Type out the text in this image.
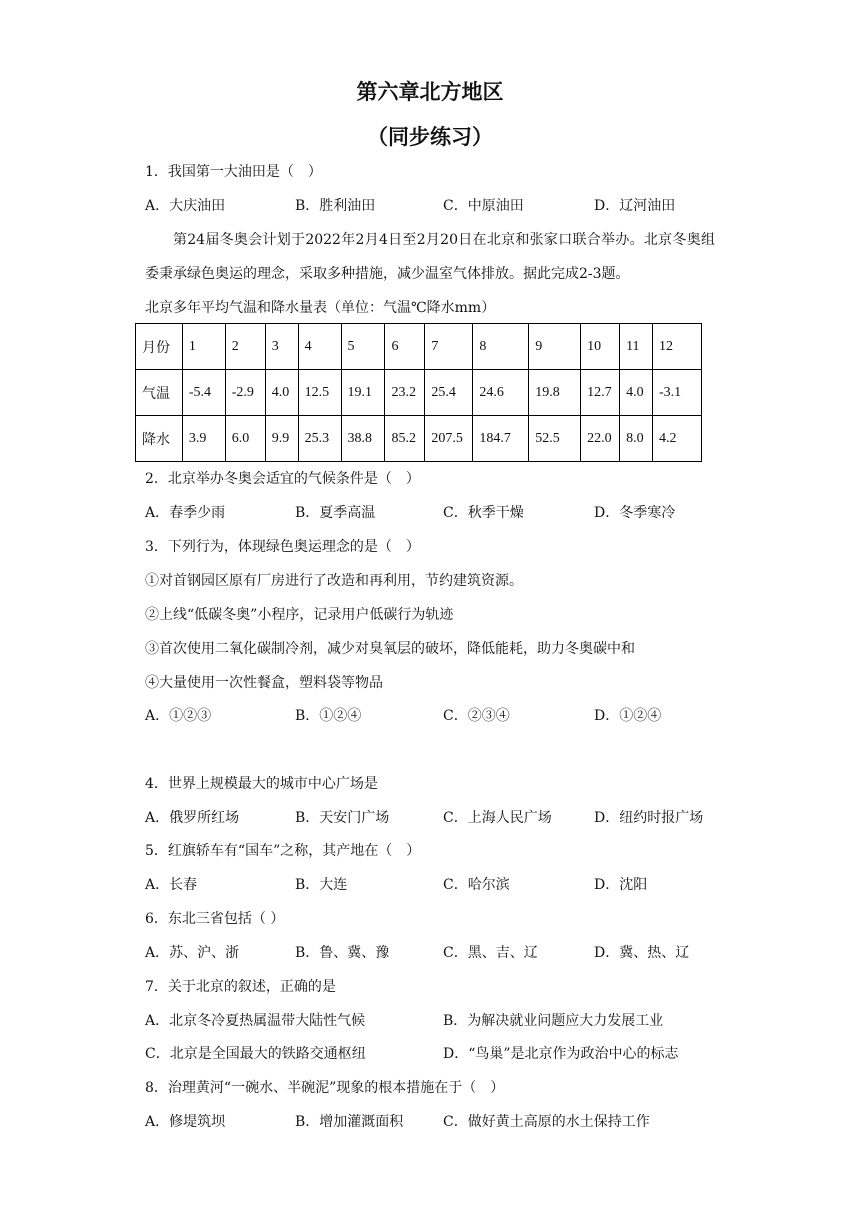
第六章北方地区
（同步练习）
1．我国第一大油田是（　）
A．大庆油田	B．胜利油田	C．中原油田	D．辽河油田

第24届冬奥会计划于2022年2月4日至2月20日在北京和张家口联合举办。北京冬奥组委秉承绿色奥运的理念，采取多种措施，减少温室气体排放。据此完成2-3题。

北京多年平均气温和降水量表（单位：气温℃降水mm）
月份	1	2	3	4	5	6	7	8	9	10	11	12
气温	-5.4	-2.9	4.0	12.5	19.1	23.2	25.4	24.6	19.8	12.7	4.0	-3.1
降水	3.9	6.0	9.9	25.3	38.8	85.2	207.5	184.7	52.5	22.0	8.0	4.2
2．北京举办冬奥会适宜的气候条件是（　）
A．春季少雨	B．夏季高温	C．秋季干燥	D．冬季寒冷
3．下列行为，体现绿色奥运理念的是（　）
①对首钢园区原有厂房进行了改造和再利用，节约建筑资源。
②上线“低碳冬奥”小程序，记录用户低碳行为轨迹
③首次使用二氧化碳制冷剂，减少对臭氧层的破坏，降低能耗，助力冬奥碳中和
④大量使用一次性餐盒，塑料袋等物品
A．①②③	B．①②④	C．②③④	D．①②④
4．世界上规模最大的城市中心广场是
A．俄罗所红场	B．天安门广场	C．上海人民广场	D．纽约时报广场
5．红旗轿车有“国车”之称，其产地在（　）
A．长春	B．大连	C．哈尔滨	D．沈阳
6．东北三省包括（ ）
A．苏、沪、浙	B．鲁、冀、豫	C．黑、吉、辽	D．冀、热、辽
7．关于北京的叙述，正确的是
A．北京冬冷夏热属温带大陆性气候	B．为解决就业问题应大力发展工业
C．北京是全国最大的铁路交通枢纽	D．“鸟巢”是北京作为政治中心的标志
8．治理黄河“一碗水、半碗泥”现象的根本措施在于（　）
A．修堤筑坝	B．增加灌溉面积	C．做好黄土高原的水土保持工作
